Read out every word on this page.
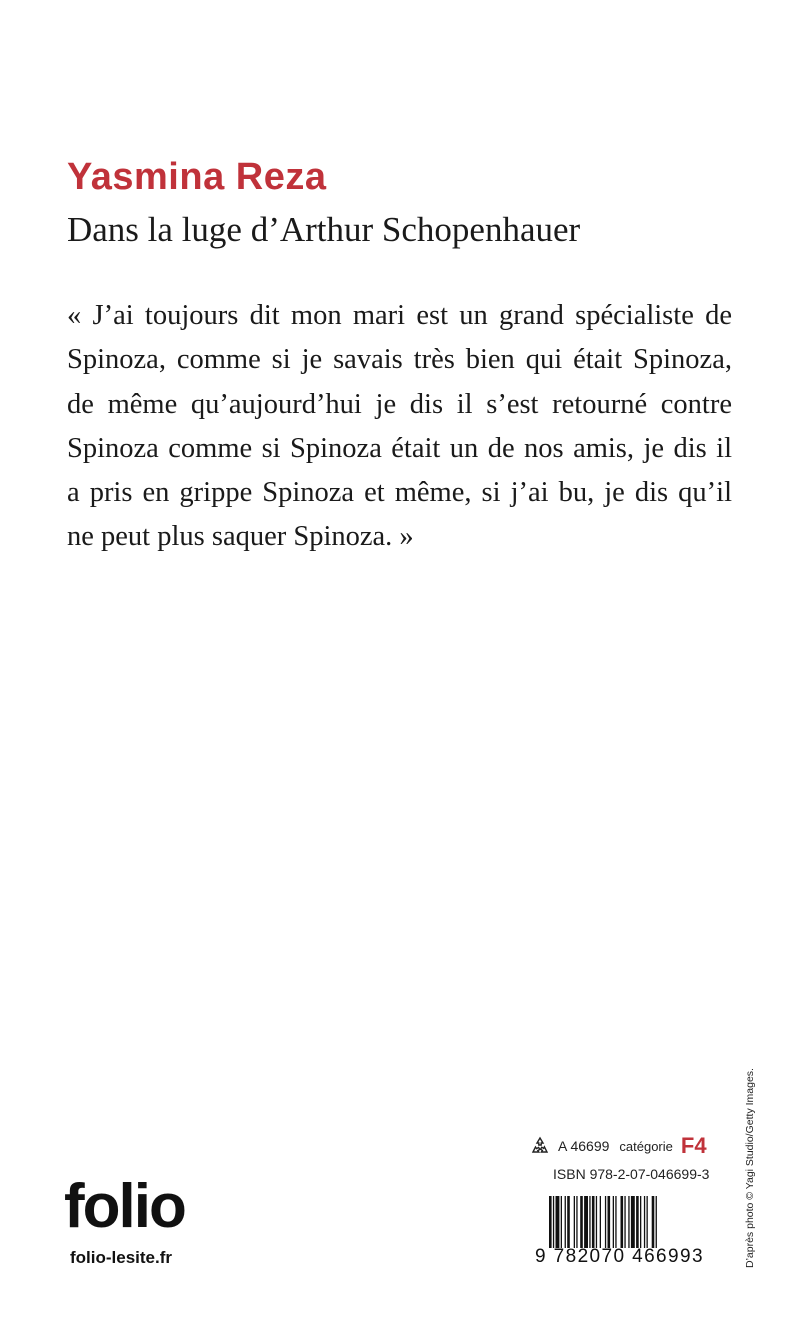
Yasmina Reza
Dans la luge d’Arthur Schopenhauer
« J’ai toujours dit mon mari est un grand spécialiste de
Spinoza, comme si je savais très bien qui était Spinoza,
de même qu’aujourd’hui je dis il s’est retourné contre
Spinoza comme si Spinoza était un de nos amis, je dis il
a pris en grippe Spinoza et même, si j’ai bu, je dis qu’il
ne peut plus saquer Spinoza. »
D’après photo © Yagi Studio/Getty Images.
folio
folio-lesite.fr
A 46699 catégorie F4
ISBN 978-2-07-046699-3
9 782070 466993
